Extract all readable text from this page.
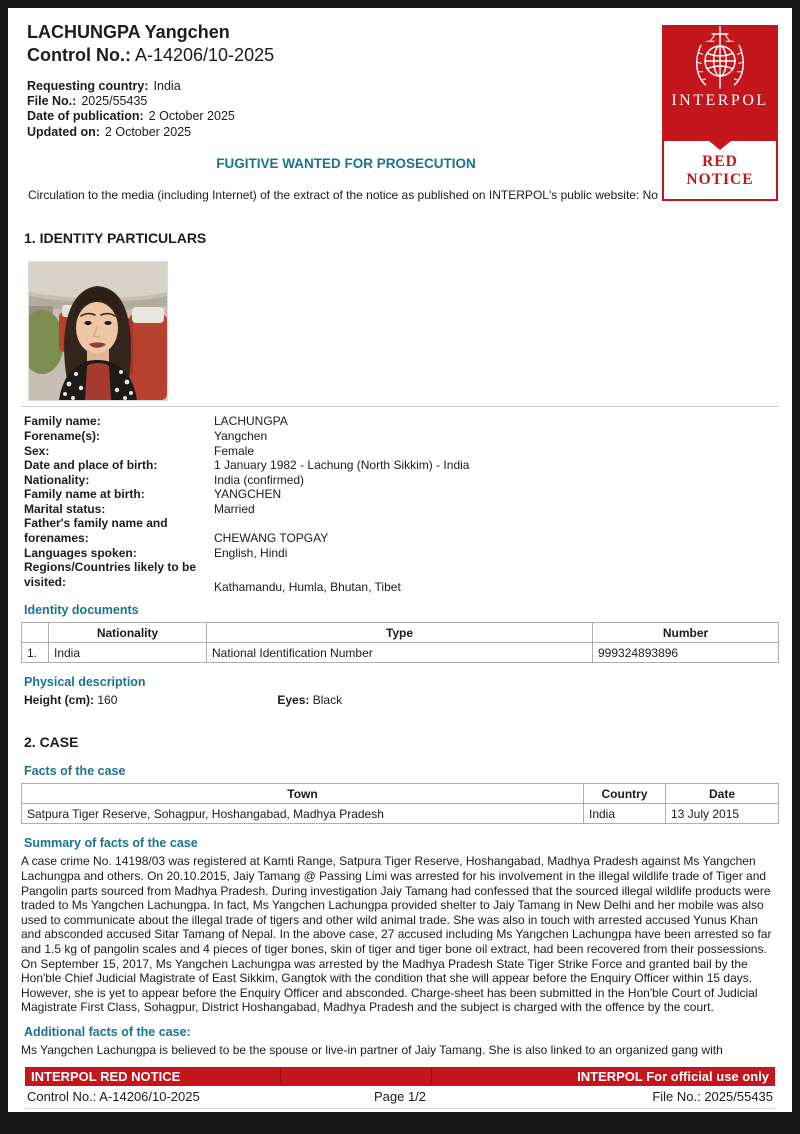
INTERPOL
RED
NOTICE
LACHUNGPA Yangchen
Control No.: A-14206/10-2025
Requesting country: India
File No.: 2025/55435
Date of publication: 2 October 2025
Updated on: 2 October 2025
FUGITIVE WANTED FOR PROSECUTION

Circulation to the media (including Internet) of the extract of the notice as published on INTERPOL's public website: No

1. IDENTITY PARTICULARS
Family name:	LACHUNGPA
Forename(s):	Yangchen
Sex:	Female
Date and place of birth:	1 January 1982 - Lachung (North Sikkim) - India
Nationality:	India (confirmed)
Family name at birth:	YANGCHEN
Marital status:	Married
Father's family name and forenames:	CHEWANG TOPGAY
Languages spoken:	English, Hindi
Regions/Countries likely to be visited:	Kathamandu, Humla, Bhutan, Tibet
Identity documents
	Nationality	Type	Number
1.	India	National Identification Number	999324893896
Physical description
Height (cm): 160	Eyes: Black
2. CASE
Facts of the case
Town	Country	Date
Satpura Tiger Reserve, Sohagpur, Hoshangabad, Madhya Pradesh	India	13 July 2015
Summary of facts of the case

A case crime No. 14198/03 was registered at Kamti Range, Satpura Tiger Reserve, Hoshangabad, Madhya Pradesh against Ms Yangchen Lachungpa and others. On 20.10.2015, Jaiy Tamang @ Passing Limi was arrested for his involvement in the illegal wildlife trade of Tiger and Pangolin parts sourced from Madhya Pradesh. During investigation Jaiy Tamang had confessed that the sourced illegal wildlife products were traded to Ms Yangchen Lachungpa. In fact, Ms Yangchen Lachungpa provided shelter to Jaiy Tamang in New Delhi and her mobile was also used to communicate about the illegal trade of tigers and other wild animal trade. She was also in touch with arrested accused Yunus Khan and absconded accused Sitar Tamang of Nepal. In the above case, 27 accused including Ms Yangchen Lachungpa have been arrested so far and 1.5 kg of pangolin scales and 4 pieces of tiger bones, skin of tiger and tiger bone oil extract, had been recovered from their possessions. On September 15, 2017, Ms Yangchen Lachungpa was arrested by the Madhya Pradesh State Tiger Strike Force and granted bail by the Hon'ble Chief Judicial Magistrate of East Sikkim, Gangtok with the condition that she will appear before the Enquiry Officer within 15 days. However, she is yet to appear before the Enquiry Officer and absconded. Charge-sheet has been submitted in the Hon'ble Court of Judicial Magistrate First Class, Sohagpur, District Hoshangabad, Madhya Pradesh and the subject is charged with the offence by the court.

Additional facts of the case:

Ms Yangchen Lachungpa is believed to be the spouse or live-in partner of Jaiy Tamang. She is also linked to an organized gang with

INTERPOL RED NOTICE	INTERPOL For official use only
Control No.: A-14206/10-2025	Page 1/2	File No.: 2025/55435
